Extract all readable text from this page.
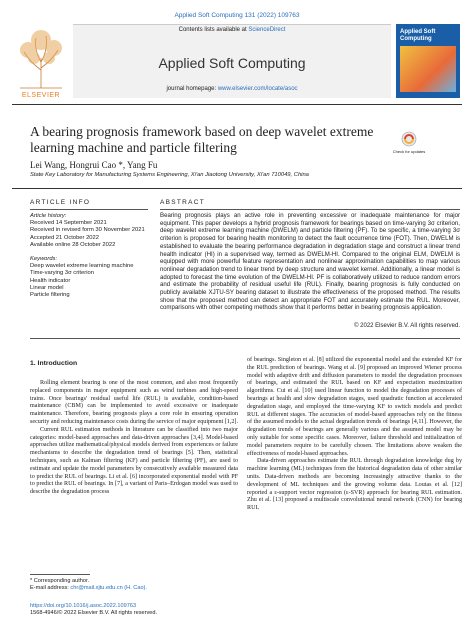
Applied Soft Computing 131 (2022) 109763
Contents lists available at ScienceDirect
Applied Soft Computing
journal homepage: www.elsevier.com/locate/asoc
ELSEVIER
Applied Soft Computing
A bearing prognosis framework based on deep wavelet extreme learning machine and particle filtering	Check for updates
Lei Wang, Hongrui Cao *, Yang Fu
State Key Laboratory for Manufacturing Systems Engineering, Xi'an Jiaotong University, Xi'an 710049, China
ARTICLE INFO
Article history:
Received 14 September 2021
Received in revised form 30 November 2021
Accepted 21 October 2022
Available online 28 October 2022
Keywords:
Deep wavelet extreme learning machine
Time-varying 3σ criterion
Health indicator
Linear model
Particle filtering
ABSTRACT
Bearing prognosis plays an active role in preventing excessive or inadequate maintenance for major equipment. This paper develops a hybrid prognosis framework for bearings based on time-varying 3σ criterion, deep wavelet extreme learning machine (DWELM) and particle filtering (PF). To be specific, a time-varying 3σ criterion is proposed for bearing health monitoring to detect the fault occurrence time (FOT). Then, DWELM is established to evaluate the bearing performance degradation in degradation stage and construct a linear trend health indicator (HI) in a supervised way, termed as DWELM-HI. Compared to the original ELM, DWELM is equipped with more powerful feature representation and nonlinear approximation capabilities to map various nonlinear degradation trend to linear trend by deep structure and wavelet kernel. Additionally, a linear model is adopted to forecast the time evolution of the DWELM-HI. PF is collaboratively utilized to reduce random errors and estimate the probability of residual useful life (RUL). Finally, bearing prognosis is fully conducted on publicly available XJTU-SY bearing dataset to illustrate the effectiveness of the proposed method. The results show that the proposed method can detect an appropriate FOT and accurately estimate the RUL. Moreover, comparisons with other competing methods show that it performs better in bearing prognosis application.
© 2022 Elsevier B.V. All rights reserved.
1. Introduction

Rolling element bearing is one of the most common, and also most frequently replaced components in major equipment such as wind turbines and high-speed trains. Once bearings' residual useful life (RUL) is available, condition-based maintenance (CBM) can be implemented to avoid excessive or inadequate maintenance. Therefore, bearing prognosis plays a core role in ensuring operation security and reducing maintenance costs during the service of major equipment [1,2].

Current RUL estimation methods in literature can be classified into two major categories: model-based approaches and data-driven approaches [3,4]. Model-based approaches utilize mathematical/physical models derived from experiences or failure mechanisms to describe the degradation trend of bearings [5]. Then, statistical techniques, such as Kalman filtering (KF) and particle filtering (PF), are used to estimate and update the model parameters by consecutively available measured data to predict the RUL of bearings. Li et al. [6] incorporated exponential model with PF to predict the RUL of bearings. In [7], a variant of Paris–Erdogan model was used to describe the degradation process

of bearings. Singleton et al. [8] utilized the exponential model and the extended KF for the RUL prediction of bearings. Wang et al. [9] proposed an improved Wiener process model with adaptive drift and diffusion parameters to model the degradation processes of bearings, and estimated the RUL based on KF and expectation maximization algorithms. Cui et al. [10] used linear function to model the degradation processes of bearings at health and slow degradation stages, used quadratic function at accelerated degradation stage, and employed the time-varying KF to switch models and predict RUL at different stages. The accuracies of model-based approaches rely on the fitness of the assumed models to the actual degradation trends of bearings [4,11]. However, the degradation trends of bearings are generally various and the assumed model may be only suitable for some specific cases. Moreover, failure threshold and initialization of model parameters require to be carefully chosen. The limitations above weaken the effectiveness of model-based approaches.

Data-driven approaches estimate the RUL through degradation knowledge dug by machine learning (ML) techniques from the historical degradation data of other similar units. Data-driven methods are becoming increasingly attractive thanks to the development of ML techniques and the growing volume data. Loutas et al. [12] reported a ε-support vector regression (ε-SVR) approach for bearing RUL estimation. Zhu et al. [13] proposed a multiscale convolutional neural network (CNN) for bearing RUL

* Corresponding author.
E-mail address: chr@mail.xjtu.edu.cn (H. Cao).
https://doi.org/10.1016/j.asoc.2022.109763
1568-4946/© 2022 Elsevier B.V. All rights reserved.
